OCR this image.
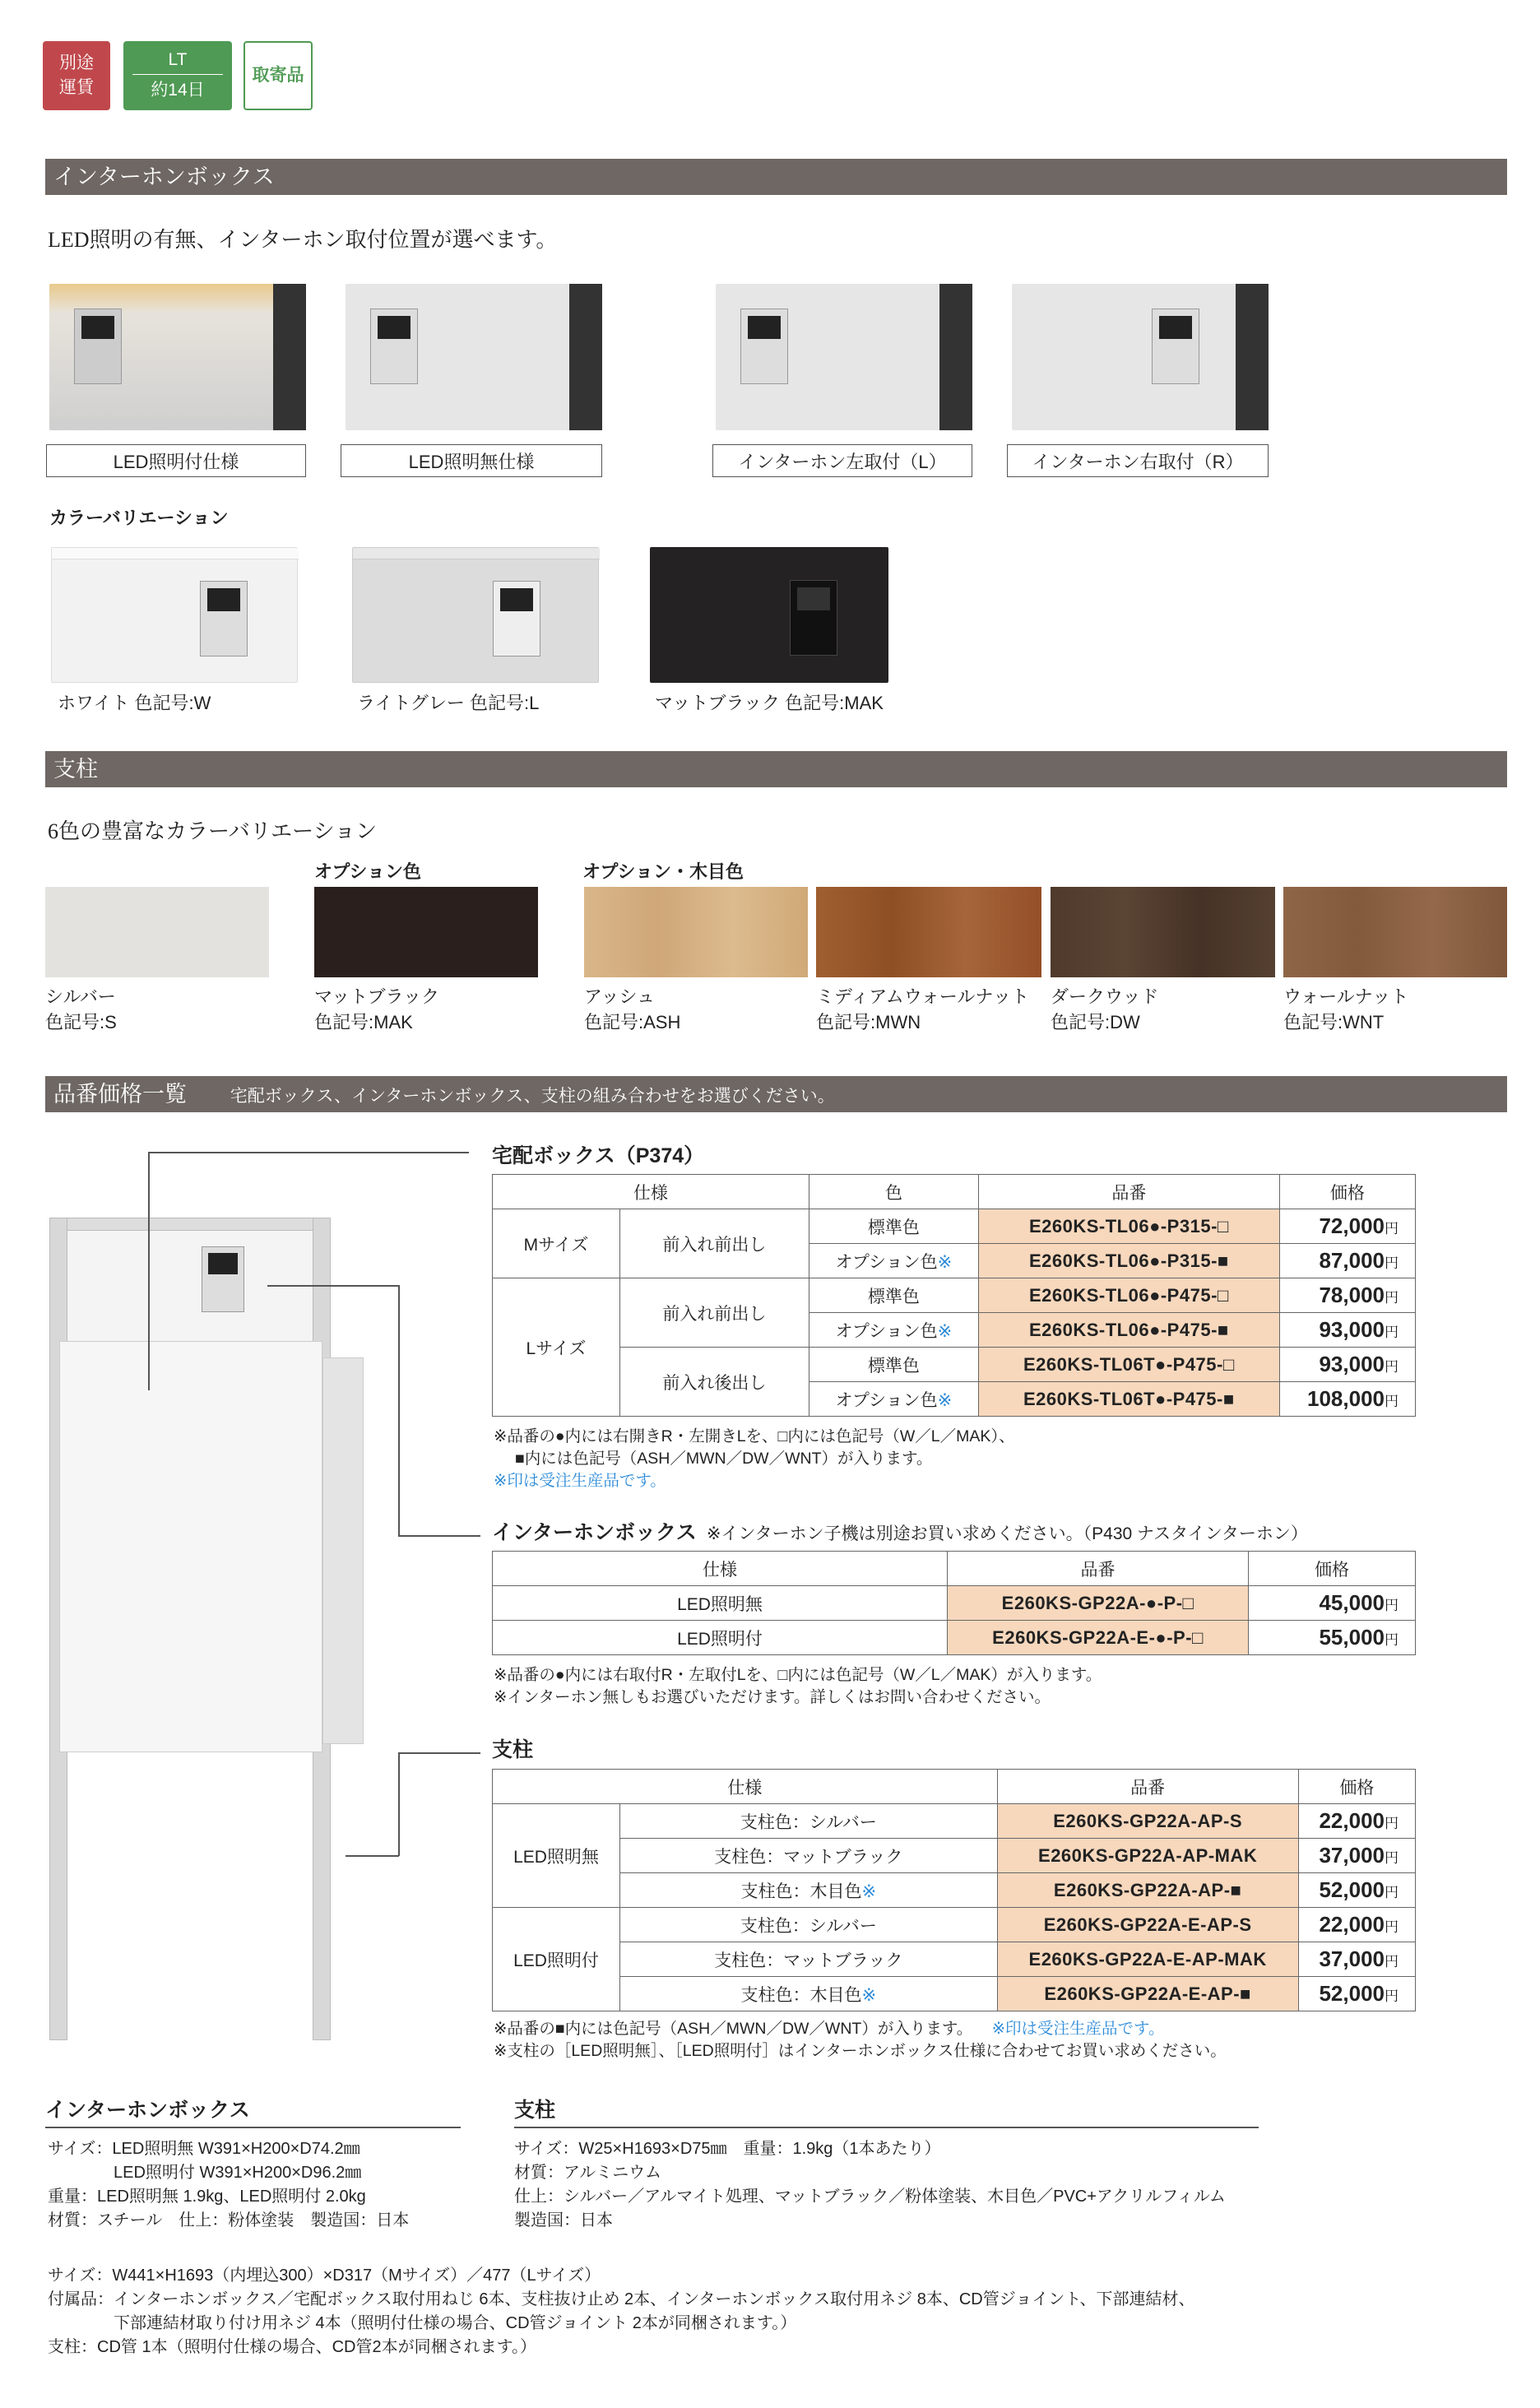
別途
運賃
LT
約14日
取寄品
インターホンボックス
LED照明の有無、インターホン取付位置が選べます。
LED照明付仕様	LED照明無仕様	インターホン左取付（L）	インターホン右取付（R）
カラーバリエーション
ホワイト 色記号:W	ライトグレー 色記号:L	マットブラック 色記号:MAK
支柱
6色の豊富なカラーバリエーション
オプション色	オプション・木目色
シルバー
色記号:S
マットブラック
色記号:MAK
アッシュ
色記号:ASH
ミディアムウォールナット
色記号:MWN
ダークウッド
色記号:DW
ウォールナット
色記号:WNT
品番価格一覧	宅配ボックス、インターホンボックス、支柱の組み合わせをお選びください。
宅配ボックス（P374）
仕様		色	品番	価格
Mサイズ	前入れ前出し	標準色	E260KS-TL06●-P315-□	72,000円
		オプション色※	E260KS-TL06●-P315-■	87,000円
Lサイズ	前入れ前出し	標準色	E260KS-TL06●-P475-□	78,000円
		オプション色※	E260KS-TL06●-P475-■	93,000円
	前入れ後出し	標準色	E260KS-TL06T●-P475-□	93,000円
		オプション色※	E260KS-TL06T●-P475-■	108,000円
※品番の●内には右開きR・左開きLを、□内には色記号（W／L／MAK）、
■内には色記号（ASH／MWN／DW／WNT）が入ります。
※印は受注生産品です。
インターホンボックス ※インターホン子機は別途お買い求めください。（P430 ナスタインターホン）
仕様	品番	価格
LED照明無	E260KS-GP22A-●-P-□	45,000円
LED照明付	E260KS-GP22A-E-●-P-□	55,000円
※品番の●内には右取付R・左取付Lを、□内には色記号（W／L／MAK）が入ります。
※インターホン無しもお選びいただけます。詳しくはお問い合わせください。
支柱
仕様		品番	価格
LED照明無	支柱色：シルバー	E260KS-GP22A-AP-S	22,000円
	支柱色：マットブラック	E260KS-GP22A-AP-MAK	37,000円
	支柱色：木目色※	E260KS-GP22A-AP-■	52,000円
LED照明付	支柱色：シルバー	E260KS-GP22A-E-AP-S	22,000円
	支柱色：マットブラック	E260KS-GP22A-E-AP-MAK	37,000円
	支柱色：木目色※	E260KS-GP22A-E-AP-■	52,000円
※品番の■内には色記号（ASH／MWN／DW／WNT）が入ります。 ※印は受注生産品です。
※支柱の［LED照明無］、［LED照明付］はインターホンボックス仕様に合わせてお買い求めください。
インターホンボックス
サイズ：LED照明無 W391×H200×D74.2㎜
　　　　LED照明付 W391×H200×D96.2㎜
重量：LED照明無 1.9kg、LED照明付 2.0kg
材質：スチール　仕上：粉体塗装　製造国：日本
支柱
サイズ：W25×H1693×D75㎜　重量：1.9kg（1本あたり）
材質：アルミニウム
仕上：シルバー／アルマイト処理、マットブラック／粉体塗装、木目色／PVC+アクリルフィルム
製造国：日本
サイズ：W441×H1693（内埋込300）×D317（Mサイズ）／477（Lサイズ）
付属品：インターホンボックス／宅配ボックス取付用ねじ 6本、支柱抜け止め 2本、インターホンボックス取付用ネジ 8本、CD管ジョイント、下部連結材、
　　　　下部連結材取り付け用ネジ 4本（照明付仕様の場合、CD管ジョイント 2本が同梱されます。）
支柱：CD管 1本（照明付仕様の場合、CD管2本が同梱されます。）
